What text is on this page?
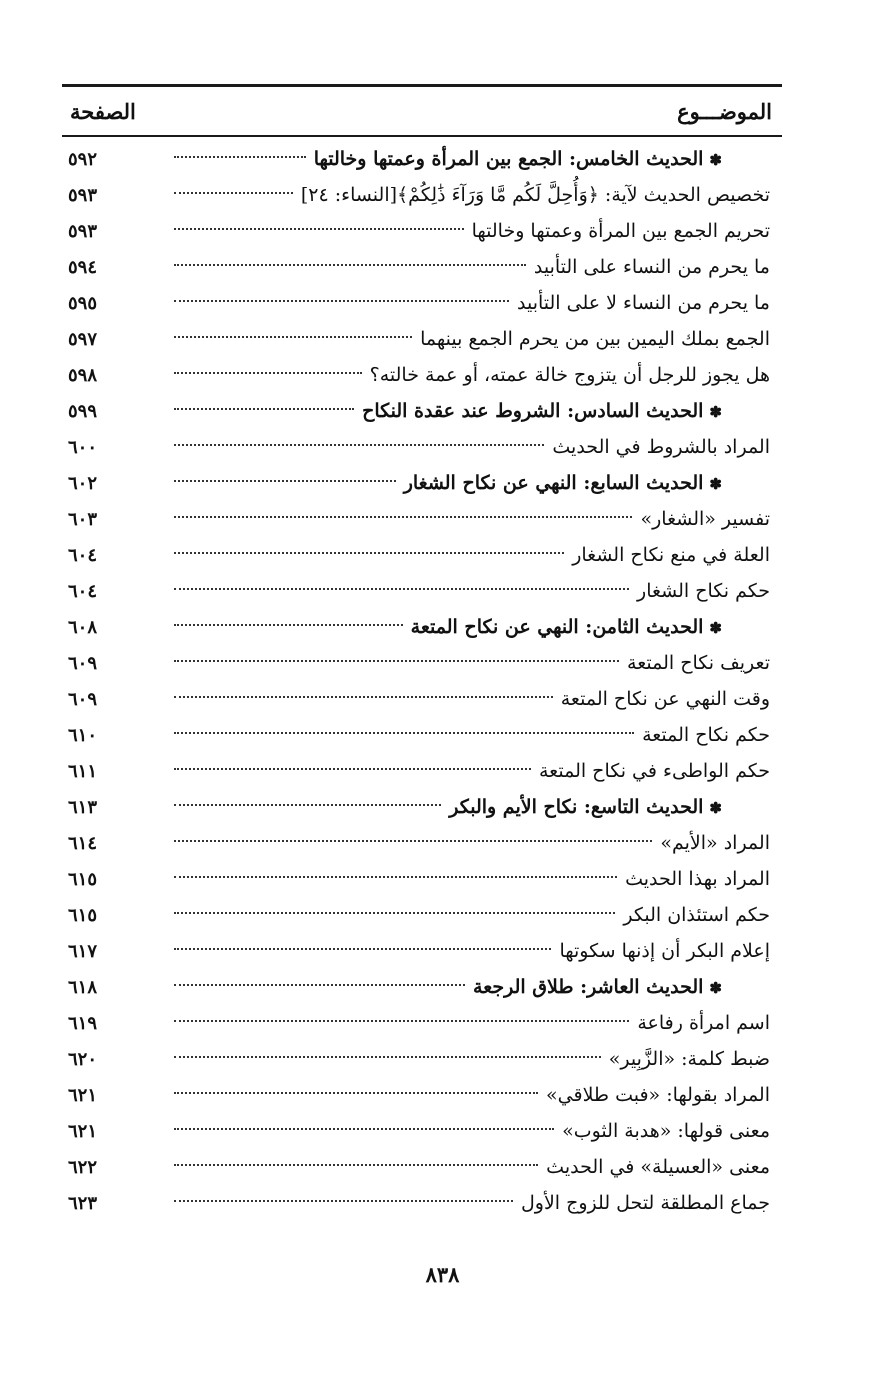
الموضـــوع
الصفحة
✽الحديث الخامس: الجمع بين المرأة وعمتها وخالتها
٥٩٢
تخصيص الحديث لآية: ﴿وَأُحِلَّ لَكُم مَّا وَرَآءَ ذَٰلِكُمْ﴾[النساء: ٢٤]
٥٩٣
تحريم الجمع بين المرأة وعمتها وخالتها
٥٩٣
ما يحرم من النساء على التأبيد
٥٩٤
ما يحرم من النساء لا على التأبيد
٥٩٥
الجمع بملك اليمين بين من يحرم الجمع بينهما
٥٩٧
هل يجوز للرجل أن يتزوج خالة عمته، أو عمة خالته؟
٥٩٨
✽الحديث السادس: الشروط عند عقدة النكاح
٥٩٩
المراد بالشروط في الحديث
٦٠٠
✽الحديث السابع: النهي عن نكاح الشغار
٦٠٢
تفسير «الشغار»
٦٠٣
العلة في منع نكاح الشغار
٦٠٤
حكم نكاح الشغار
٦٠٤
✽الحديث الثامن: النهي عن نكاح المتعة
٦٠٨
تعريف نكاح المتعة
٦٠٩
وقت النهي عن نكاح المتعة
٦٠٩
حكم نكاح المتعة
٦١٠
حكم الواطىء في نكاح المتعة
٦١١
✽الحديث التاسع: نكاح الأيم والبكر
٦١٣
المراد «الأيم»
٦١٤
المراد بهذا الحديث
٦١٥
حكم استئذان البكر
٦١٥
إعلام البكر أن إذنها سكوتها
٦١٧
✽الحديث العاشر: طلاق الرجعة
٦١٨
اسم امرأة رفاعة
٦١٩
ضبط كلمة: «الزَّبِير»
٦٢٠
المراد بقولها: «فبت طلاقي»
٦٢١
معنى قولها: «هدبة الثوب»
٦٢١
معنى «العسيلة» في الحديث
٦٢٢
جماع المطلقة لتحل للزوج الأول
٦٢٣
٨٣٨
